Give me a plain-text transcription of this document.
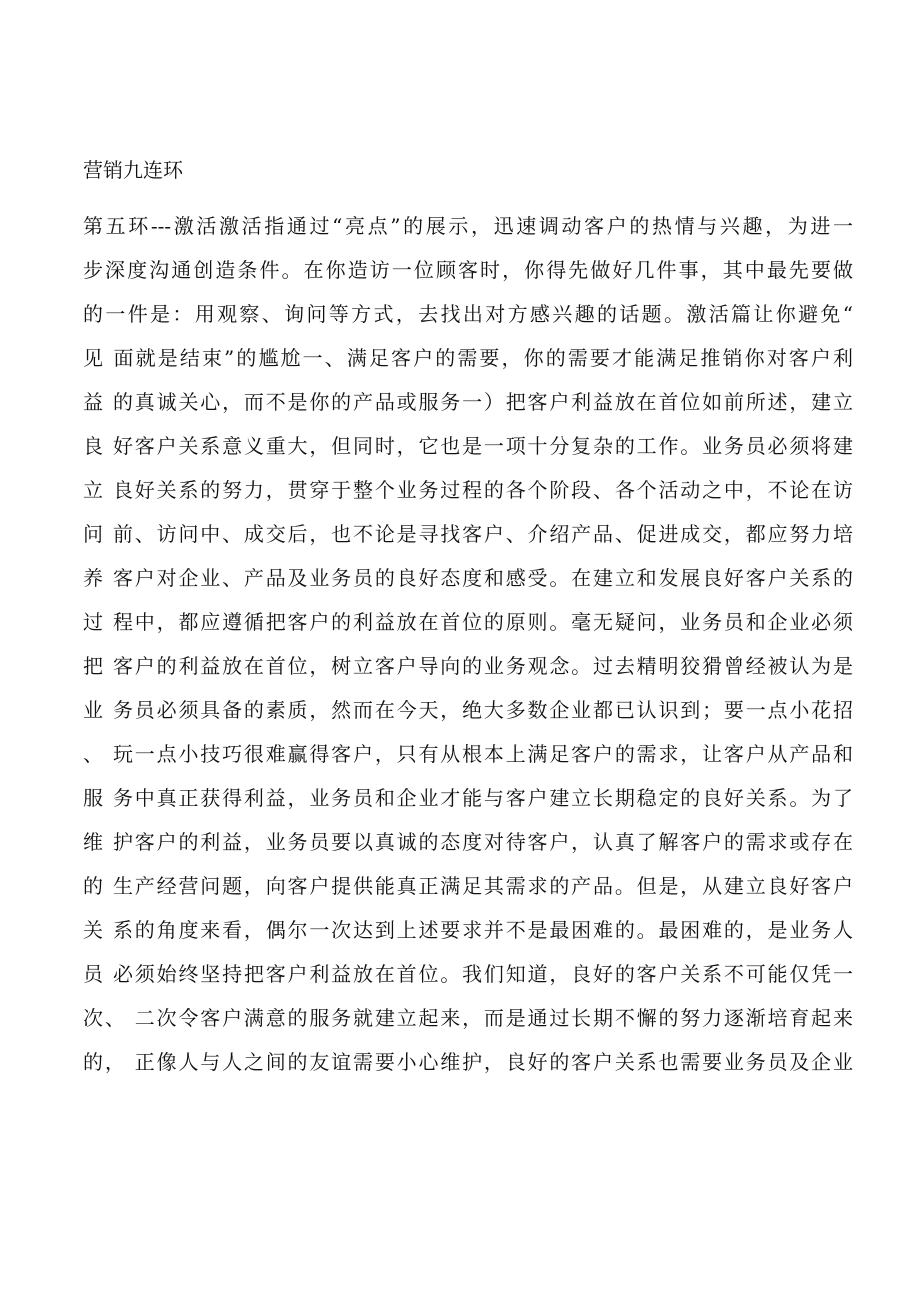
营销九连环
第五环---激活激活指通过“亮点”的展示，迅速调动客户的热情与兴趣，为进一
步深度沟通创造条件。在你造访一位顾客时，你得先做好几件事，其中最先要做
的一件是：用观察、询问等方式，去找出对方感兴趣的话题。激活篇让你避免“
见 面就是结束”的尴尬一、满足客户的需要，你的需要才能满足推销你对客户利
益 的真诚关心，而不是你的产品或服务一）把客户利益放在首位如前所述，建立
良 好客户关系意义重大，但同时，它也是一项十分复杂的工作。业务员必须将建
立 良好关系的努力，贯穿于整个业务过程的各个阶段、各个活动之中，不论在访
问 前、访问中、成交后，也不论是寻找客户、介绍产品、促进成交，都应努力培
养 客户对企业、产品及业务员的良好态度和感受。在建立和发展良好客户关系的
过 程中，都应遵循把客户的利益放在首位的原则。毫无疑问，业务员和企业必须
把 客户的利益放在首位，树立客户导向的业务观念。过去精明狡猾曾经被认为是
业 务员必须具备的素质，然而在今天，绝大多数企业都已认识到；要一点小花招
、 玩一点小技巧很难赢得客户，只有从根本上满足客户的需求，让客户从产品和
服 务中真正获得利益，业务员和企业才能与客户建立长期稳定的良好关系。为了
维 护客户的利益，业务员要以真诚的态度对待客户，认真了解客户的需求或存在
的 生产经营问题，向客户提供能真正满足其需求的产品。但是，从建立良好客户
关 系的角度来看，偶尔一次达到上述要求并不是最困难的。最困难的，是业务人
员 必须始终坚持把客户利益放在首位。我们知道，良好的客户关系不可能仅凭一
次、 二次令客户满意的服务就建立起来，而是通过长期不懈的努力逐渐培育起来
的， 正像人与人之间的友谊需要小心维护，良好的客户关系也需要业务员及企业
